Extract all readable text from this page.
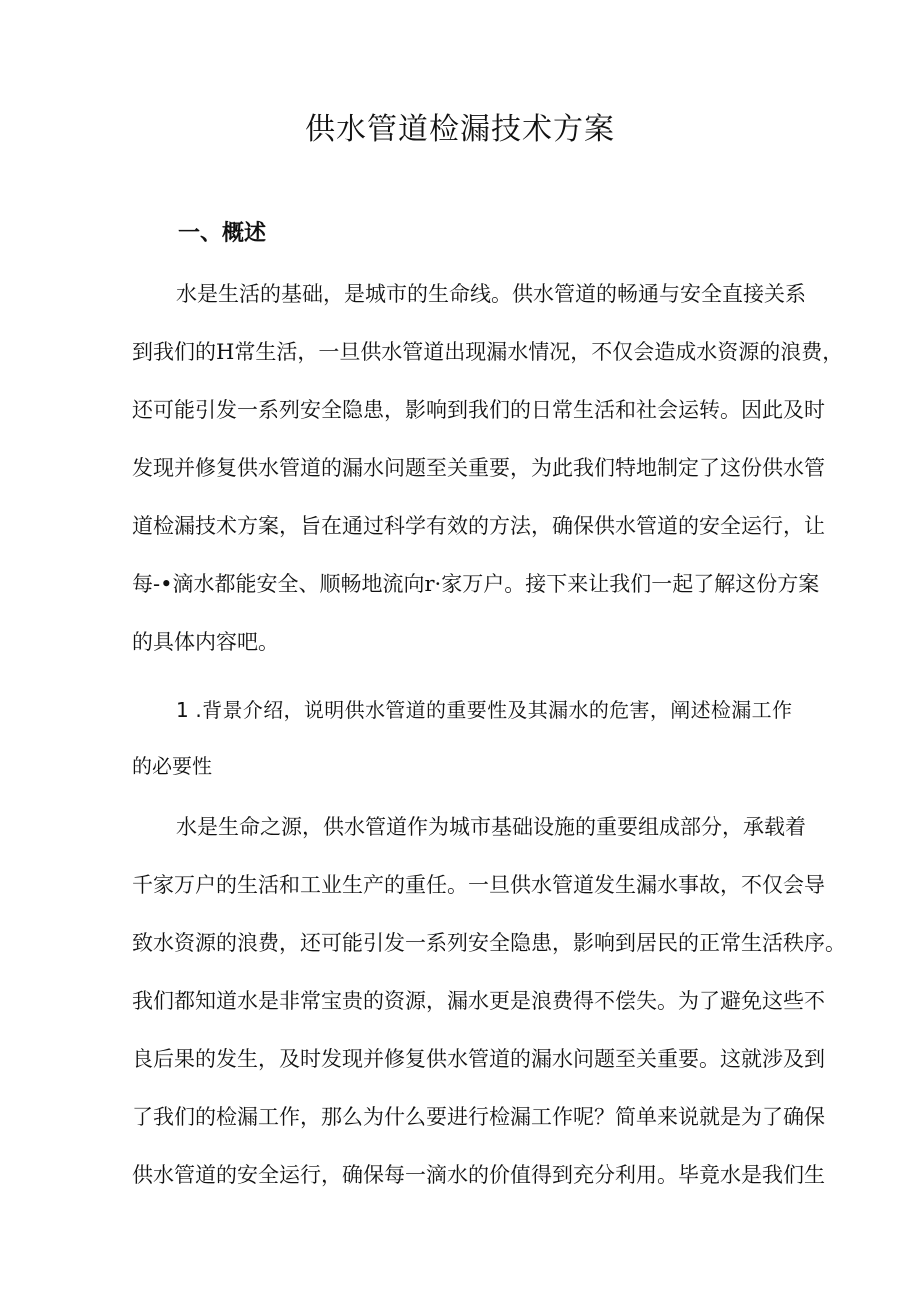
供水管道检漏技术方案
一、概述

水是生活的基础，是城市的生命线。供水管道的畅通与安全直接关系

到我们的H常生活，一旦供水管道出现漏水情况，不仅会造成水资源的浪费，

还可能引发一系列安全隐患，影响到我们的日常生活和社会运转。因此及时

发现并修复供水管道的漏水问题至关重要，为此我们特地制定了这份供水管

道检漏技术方案，旨在通过科学有效的方法，确保供水管道的安全运行，让

每-•滴水都能安全、顺畅地流向r·家万户。接下来让我们一起了解这份方案

的具体内容吧。

1 .背景介绍，说明供水管道的重要性及其漏水的危害，阐述检漏工作

的必要性

水是生命之源，供水管道作为城市基础设施的重要组成部分，承载着

千家万户的生活和工业生产的重任。一旦供水管道发生漏水事故，不仅会导

致水资源的浪费，还可能引发一系列安全隐患，影响到居民的正常生活秩序。

我们都知道水是非常宝贵的资源，漏水更是浪费得不偿失。为了避免这些不

良后果的发生，及时发现并修复供水管道的漏水问题至关重要。这就涉及到

了我们的检漏工作，那么为什么要进行检漏工作呢？简单来说就是为了确保

供水管道的安全运行，确保每一滴水的价值得到充分利用。毕竟水是我们生
